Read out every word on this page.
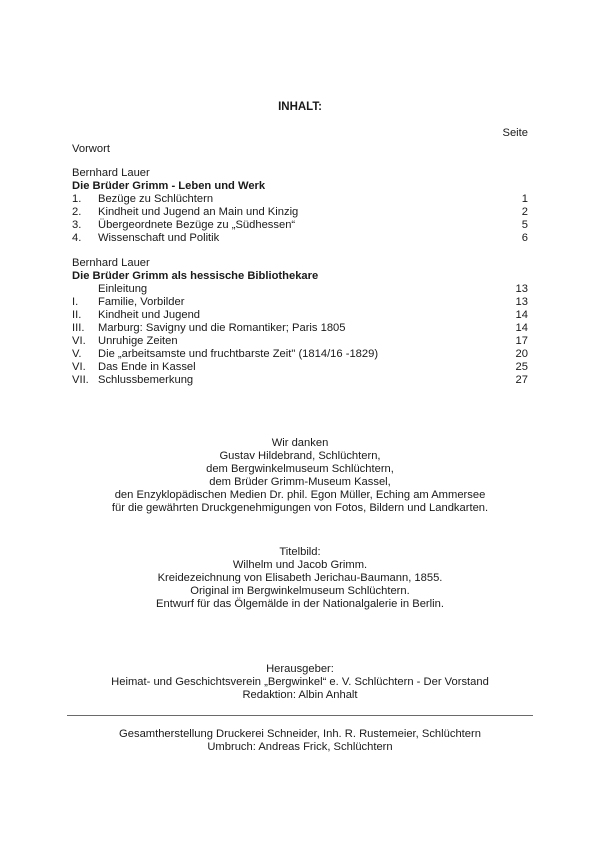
INHALT:
Seite
Vorwort
Bernhard Lauer
Die Brüder Grimm - Leben und Werk
1.	Bezüge zu Schlüchtern	1
2.	Kindheit und Jugend an Main und Kinzig	2
3.	Übergeordnete Bezüge zu „Südhessen“	5
4.	Wissenschaft und Politik	6
Bernhard Lauer
Die Brüder Grimm als hessische Bibliothekare
Einleitung	13
I.	Familie, Vorbilder	13
II.	Kindheit und Jugend	14
III.	Marburg: Savigny und die Romantiker; Paris 1805	14
VI.	Unruhige Zeiten	17
V.	Die „arbeitsamste und fruchtbarste Zeit" (1814/16 -1829)	20
VI.	Das Ende in Kassel	25
VII. Schlussbemerkung	27
Wir danken
Gustav Hildebrand, Schlüchtern,
dem Bergwinkelmuseum Schlüchtern,
dem Brüder Grimm-Museum Kassel,
den Enzyklopädischen Medien Dr. phil. Egon Müller, Eching am Ammersee
für die gewährten Druckgenehmigungen von Fotos, Bildern und Landkarten.
Titelbild:
Wilhelm und Jacob Grimm.
Kreidezeichnung von Elisabeth Jerichau-Baumann, 1855.
Original im Bergwinkelmuseum Schlüchtern.
Entwurf für das Ölgemälde in der Nationalgalerie in Berlin.
Herausgeber:
Heimat- und Geschichtsverein „Bergwinkel“ e. V. Schlüchtern - Der Vorstand
Redaktion: Albin Anhalt
Gesamtherstellung Druckerei Schneider, Inh. R. Rustemeier, Schlüchtern
Umbruch: Andreas Frick, Schlüchtern
